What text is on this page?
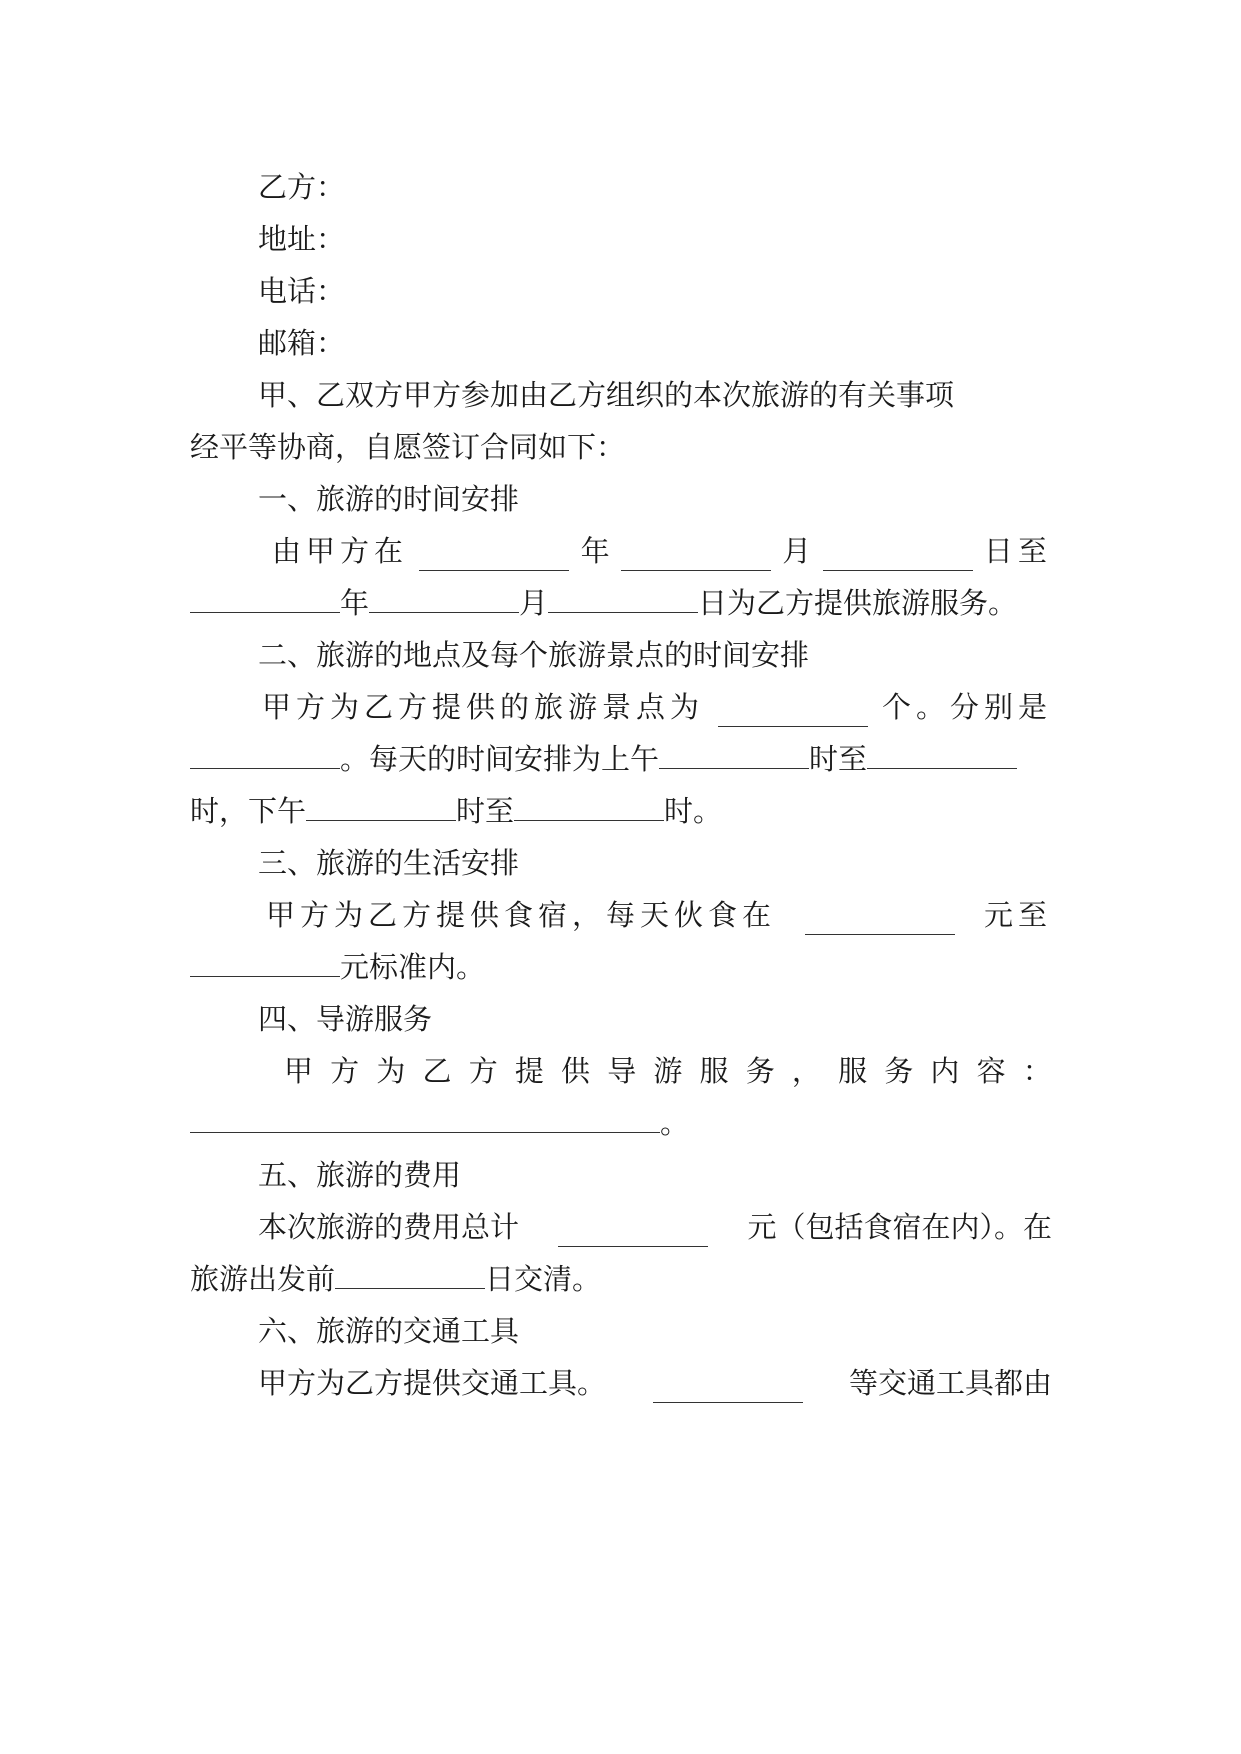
乙方：
地址：
电话：
邮箱：
甲、乙双方甲方参加由乙方组织的本次旅游的有关事项
经平等协商，自愿签订合同如下：
一、旅游的时间安排
由甲方在	年	月	日至
年	月	日为乙方提供旅游服务。
二、旅游的地点及每个旅游景点的时间安排
甲方为乙方提供的旅游景点为	个。分别是
。每天的时间安排为上午	时至
时，下午	时至	时。
三、旅游的生活安排
甲方为乙方提供食宿，每天伙食在	元至
元标准内。
四、导游服务
甲 方 为 乙 方 提 供 导 游 服 务 ， 服 务 内 容 ：
。
五、旅游的费用
本次旅游的费用总计	元（包括食宿在内）。在
旅游出发前	日交清。
六、旅游的交通工具
甲方为乙方提供交通工具。	等交通工具都由
